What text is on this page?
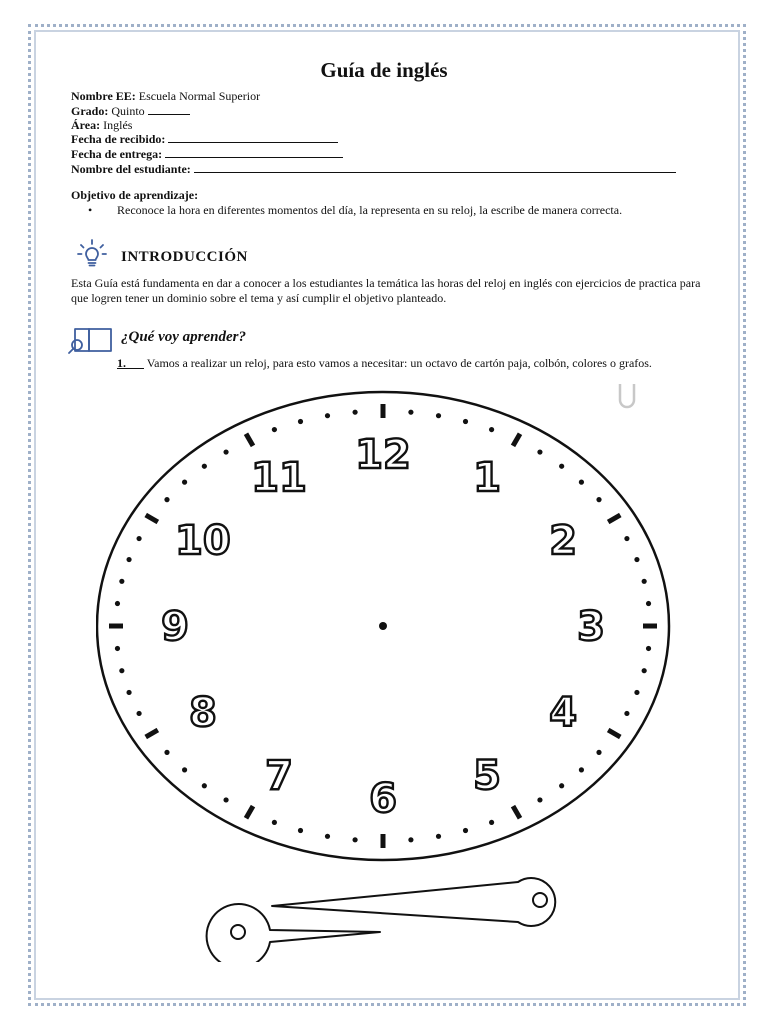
Guía de inglés
Nombre EE: Escuela Normal Superior
Grado: Quinto
Área: Inglés
Fecha de recibido:
Fecha de entrega:
Nombre del estudiante:
Objetivo de aprendizaje:
• Reconoce la hora en diferentes momentos del día, la representa en su reloj, la escribe de manera correcta.
INTRODUCCIÓN
Esta Guía está fundamenta en dar a conocer a los estudiantes la temática las horas del reloj en inglés con ejercicios de practica para que logren tener un dominio sobre el tema y así cumplir el objetivo planteado.
¿Qué voy aprender?
1. Vamos a realizar un reloj, para esto vamos a necesitar: un octavo de cartón paja, colbón, colores o grafos.
12
1
2
3
4
5
6
7
8
9
10
11
